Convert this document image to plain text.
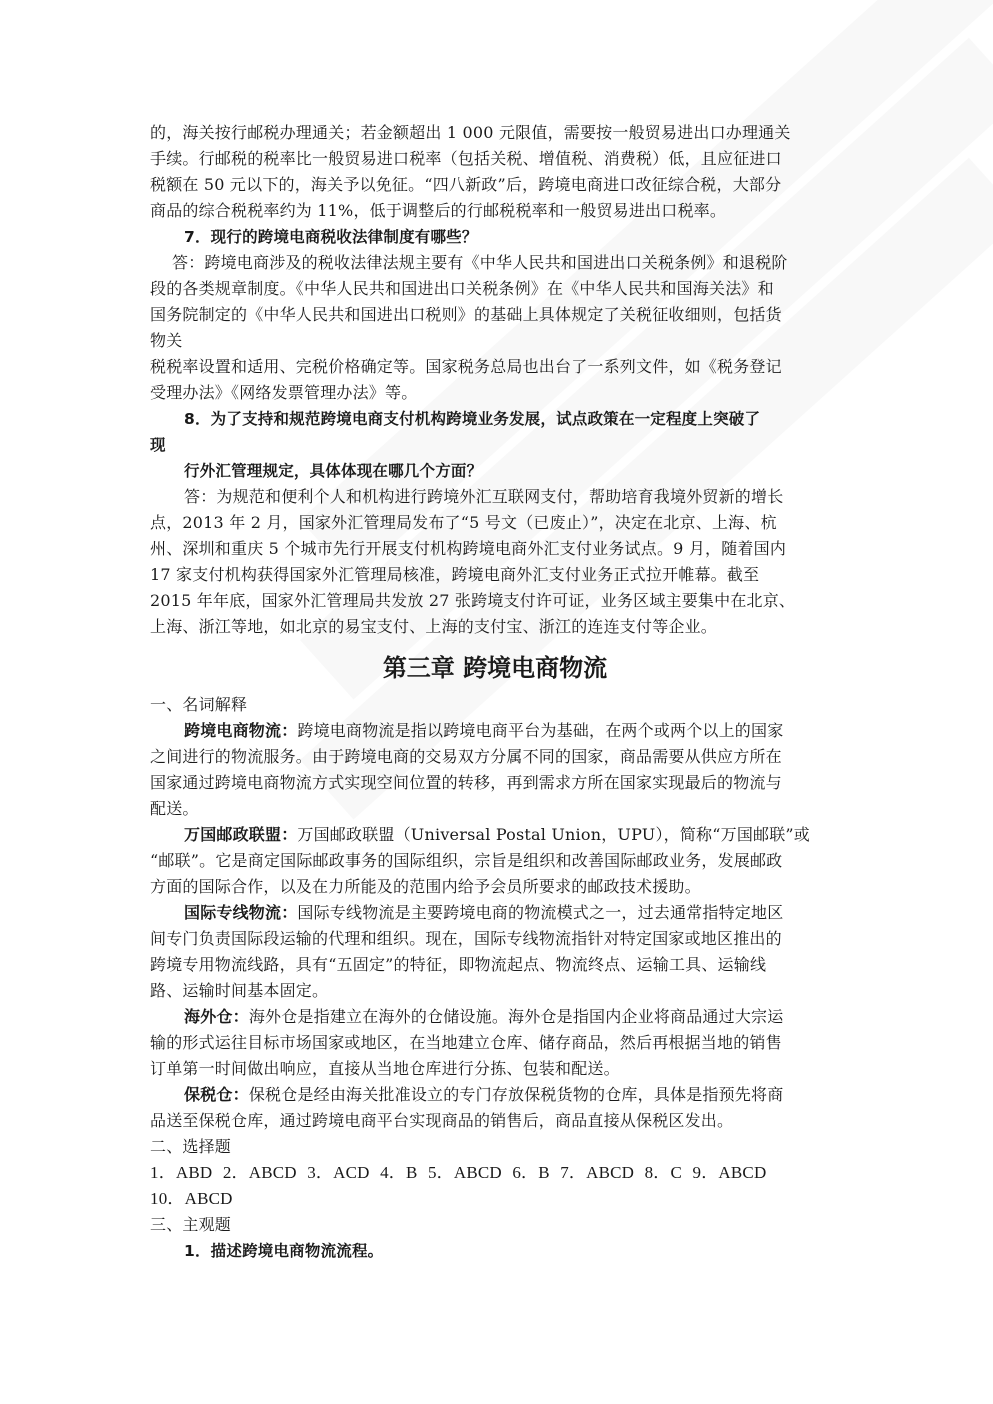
的，海关按行邮税办理通关；若金额超出 1 000 元限值，需要按一般贸易进出口办理通关
手续。行邮税的税率比一般贸易进口税率（包括关税、增值税、消费税）低，且应征进口
税额在 50 元以下的，海关予以免征。“四八新政”后，跨境电商进口改征综合税，大部分
商品的综合税税率约为 11%，低于调整后的行邮税税率和一般贸易进出口税率。
7．现行的跨境电商税收法律制度有哪些？
答：跨境电商涉及的税收法律法规主要有《中华人民共和国进出口关税条例》和退税阶
段的各类规章制度。《中华人民共和国进出口关税条例》在《中华人民共和国海关法》和
国务院制定的《中华人民共和国进出口税则》的基础上具体规定了关税征收细则，包括货
物关
税税率设置和适用、完税价格确定等。国家税务总局也出台了一系列文件，如《税务登记
受理办法》《网络发票管理办法》等。
8．为了支持和规范跨境电商支付机构跨境业务发展，试点政策在一定程度上突破了
现
行外汇管理规定，具体体现在哪几个方面？
答：为规范和便利个人和机构进行跨境外汇互联网支付，帮助培育我境外贸新的增长
点，2013 年 2 月，国家外汇管理局发布了“5 号文（已废止）”，决定在北京、上海、杭
州、深圳和重庆 5 个城市先行开展支付机构跨境电商外汇支付业务试点。9 月，随着国内
17 家支付机构获得国家外汇管理局核准，跨境电商外汇支付业务正式拉开帷幕。截至
2015 年年底，国家外汇管理局共发放 27 张跨境支付许可证，业务区域主要集中在北京、
上海、浙江等地，如北京的易宝支付、上海的支付宝、浙江的连连支付等企业。
第三章 跨境电商物流
一、名词解释
跨境电商物流：跨境电商物流是指以跨境电商平台为基础，在两个或两个以上的国家
之间进行的物流服务。由于跨境电商的交易双方分属不同的国家，商品需要从供应方所在
国家通过跨境电商物流方式实现空间位置的转移，再到需求方所在国家实现最后的物流与
配送。
万国邮政联盟：万国邮政联盟（Universal Postal Union，UPU），简称“万国邮联”或
“邮联”。它是商定国际邮政事务的国际组织，宗旨是组织和改善国际邮政业务，发展邮政
方面的国际合作，以及在力所能及的范围内给予会员所要求的邮政技术援助。
国际专线物流：国际专线物流是主要跨境电商的物流模式之一，过去通常指特定地区
间专门负责国际段运输的代理和组织。现在，国际专线物流指针对特定国家或地区推出的
跨境专用物流线路，具有“五固定”的特征，即物流起点、物流终点、运输工具、运输线
路、运输时间基本固定。
海外仓：海外仓是指建立在海外的仓储设施。海外仓是指国内企业将商品通过大宗运
输的形式运往目标市场国家或地区，在当地建立仓库、储存商品，然后再根据当地的销售
订单第一时间做出响应，直接从当地仓库进行分拣、包装和配送。
保税仓：保税仓是经由海关批准设立的专门存放保税货物的仓库，具体是指预先将商
品送至保税仓库，通过跨境电商平台实现商品的销售后，商品直接从保税区发出。
二、选择题
1．ABD 2．ABCD 3．ACD 4．B 5．ABCD 6．B 7．ABCD 8．C 9．ABCD
10．ABCD
三、主观题
1．描述跨境电商物流流程。
